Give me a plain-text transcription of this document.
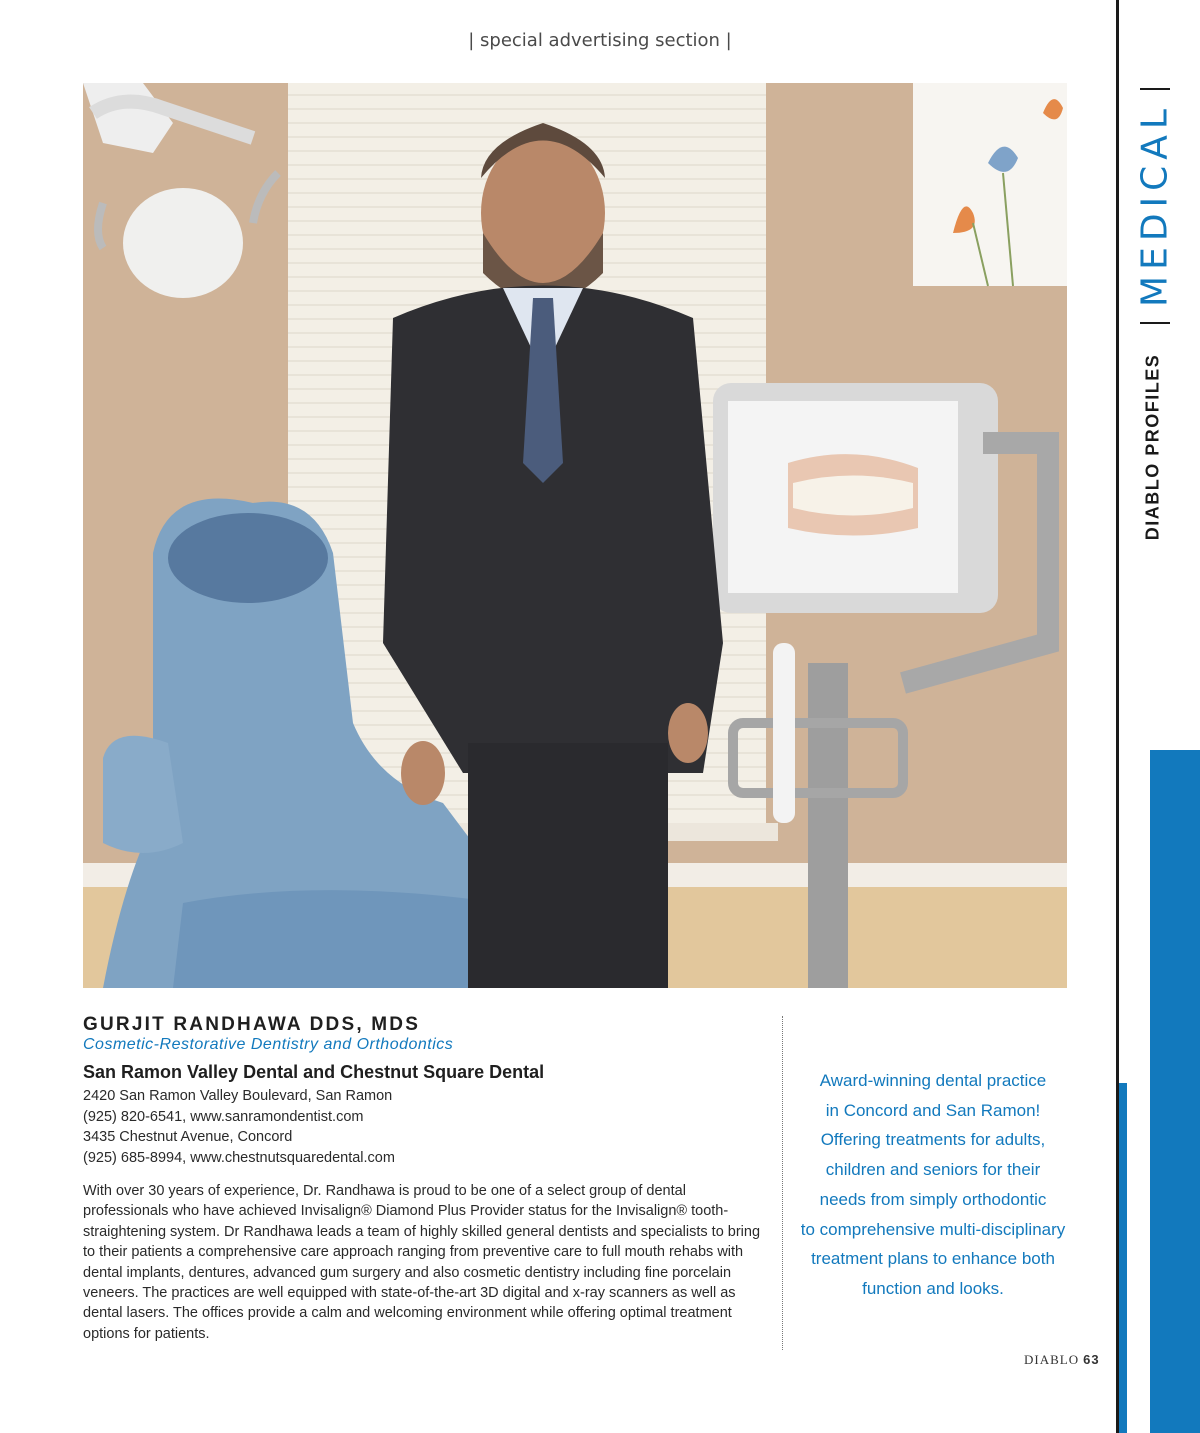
| special advertising section |
MEDICAL
DIABLO PROFILES
GURJIT RANDHAWA DDS, MDS
Cosmetic-Restorative Dentistry and Orthodontics
San Ramon Valley Dental and Chestnut Square Dental
2420 San Ramon Valley Boulevard, San Ramon
(925) 820-6541, www.sanramondentist.com
3435 Chestnut Avenue, Concord
(925) 685-8994, www.chestnutsquaredental.com
With over 30 years of experience, Dr. Randhawa is proud to be one of a select group of dental professionals who have achieved Invisalign® Diamond Plus Provider status for the Invisalign® tooth-straightening system. Dr Randhawa leads a team of highly skilled general dentists and specialists to bring to their patients a comprehensive care approach ranging from preventive care to full mouth rehabs with dental implants, dentures, advanced gum surgery and also cosmetic dentistry including fine porcelain veneers. The practices are well equipped with state-of-the-art 3D digital and x-ray scanners as well as dental lasers. The offices provide a calm and welcoming environment while offering optimal treatment options for patients.
Award-winning dental practice
in Concord and San Ramon!
Offering treatments for adults,
children and seniors for their
needs from simply orthodontic
to comprehensive multi-disciplinary
treatment plans to enhance both
function and looks.
DIABLO 63
